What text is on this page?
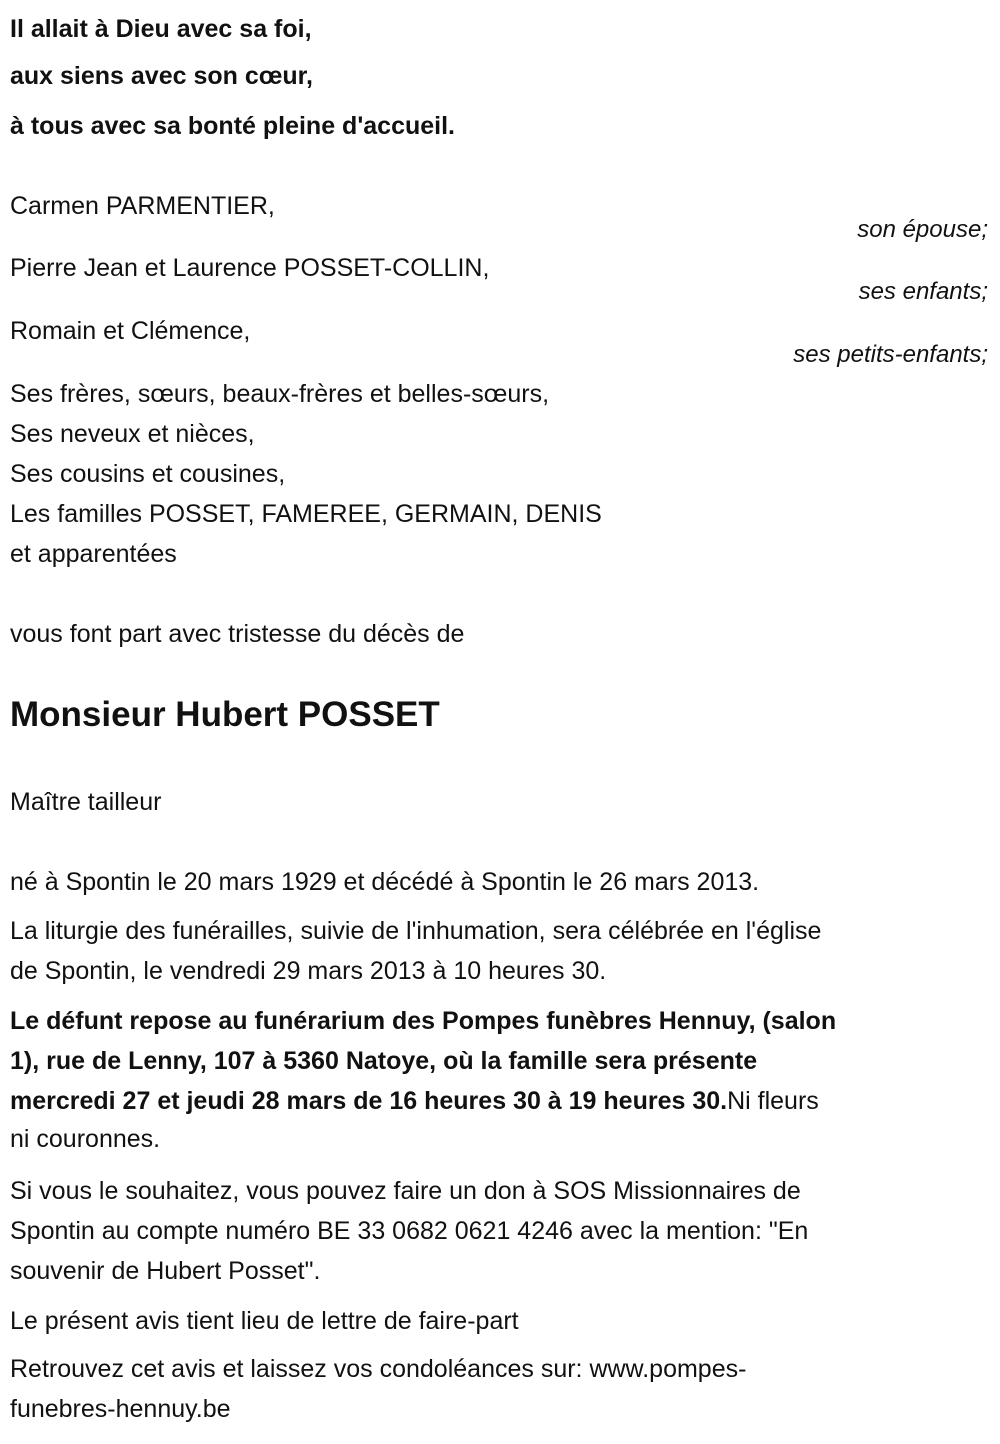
Il allait à Dieu avec sa foi,
aux siens avec son cœur,
à tous avec sa bonté pleine d'accueil.
Carmen PARMENTIER,
son épouse;
Pierre Jean et Laurence POSSET-COLLIN,
ses enfants;
Romain et Clémence,
ses petits-enfants;
Ses frères, sœurs, beaux-frères et belles-sœurs,
Ses neveux et nièces,
Ses cousins et cousines,
Les familles POSSET, FAMEREE, GERMAIN, DENIS
et apparentées
vous font part avec tristesse du décès de
Monsieur Hubert POSSET
Maître tailleur
né à Spontin le 20 mars 1929 et décédé à Spontin le 26 mars 2013.
La liturgie des funérailles, suivie de l'inhumation, sera célébrée en l'église
de Spontin, le vendredi 29 mars 2013 à 10 heures 30.
Le défunt repose au funérarium des Pompes funèbres Hennuy, (salon
1), rue de Lenny, 107 à 5360 Natoye, où la famille sera présente
mercredi 27 et jeudi 28 mars de 16 heures 30 à 19 heures 30.Ni fleurs
ni couronnes.
Si vous le souhaitez, vous pouvez faire un don à SOS Missionnaires de
Spontin au compte numéro BE 33 0682 0621 4246 avec la mention: "En
souvenir de Hubert Posset".
Le présent avis tient lieu de lettre de faire-part
Retrouvez cet avis et laissez vos condoléances sur: www.pompes-
funebres-hennuy.be
